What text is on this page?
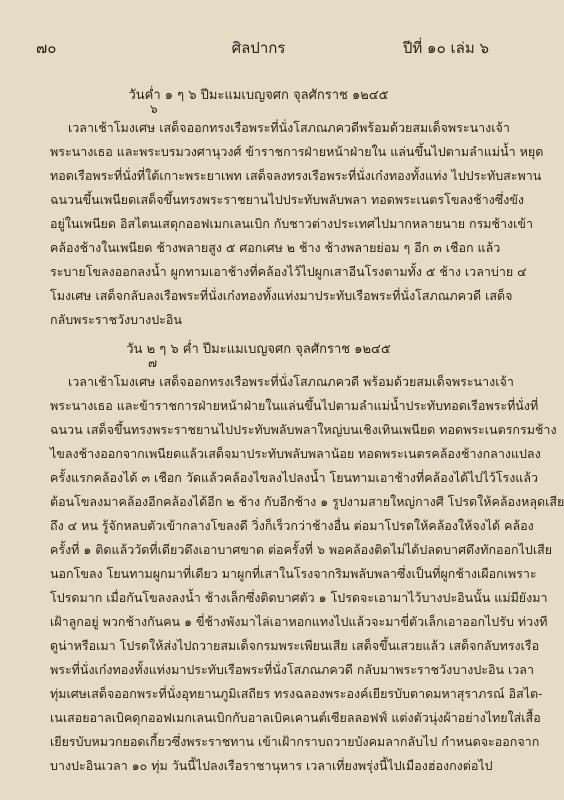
๗๐	ศิลปากร	ปีที่ ๑๐ เล่ม ๖
วันค่ำ ๑ ๆ ๖ ปีมะแมเบญจศก จุลศักราช ๑๒๔๕
๖
เวลาเช้าโมงเศษ เสด็จออกทรงเรือพระที่นั่งโสภณภควดีพร้อมด้วยสมเด็จพระนางเจ้า
พระนางเธอ และพระบรมวงศานุวงศ์ ข้าราชการฝ่ายหน้าฝ่ายใน แล่นขึ้นไปตามลำแม่น้ำ หยุด
ทอดเรือพระที่นั่งที่ใต้เกาะพระยาเพท เสด็จลงทรงเรือพระที่นั่งเก๋งทองทั้งแท่ง ไปประทับสะพาน
ฉนวนขึ้นเพนียดเสด็จขึ้นทรงพระราชยานไปประทับพลับพลา ทอดพระเนตรโขลงช้างซึ่งขัง
อยู่ในเพนียด อิสไตนเสดุกออฟเมกเลนเบิก กับชาวต่างประเทศไปมากหลายนาย กรมช้างเข้า
คล้องช้างในเพนียด ช้างพลายสูง ๕ ศอกเศษ ๒ ช้าง ช้างพลายย่อม ๆ อีก ๓ เชือก แล้ว
ระบายโขลงออกลงน้ำ ผูกทามเอาช้างที่คล้องไว้ไปผูกเสาอีนโรงตามทั้ง ๕ ช้าง เวลาบ่าย ๔
โมงเศษ เสด็จกลับลงเรือพระที่นั่งเก๋งทองทั้งแท่งมาประทับเรือพระที่นั่งโสภณภควดี เสด็จ
กลับพระราชวังบางปะอิน
วัน ๒ ๆ ๖ ค่ำ ปีมะแมเบญจศก จุลศักราช ๑๒๔๕
๗
เวลาเช้าโมงเศษ เสด็จออกทรงเรือพระที่นั่งโสภณภควดี พร้อมด้วยสมเด็จพระนางเจ้า
พระนางเธอ และข้าราชการฝ่ายหน้าฝ่ายในแล่นขึ้นไปตามลำแม่น้ำประทับทอดเรือพระที่นั่งที่
ฉนวน เสด็จขึ้นทรงพระราชยานไปประทับพลับพลาใหญ่บนเชิงเทินเพนียด ทอดพระเนตรกรมช้าง
ไขลงช้างออกจากเพนียดแล้วเสด็จมาประทับพลับพลาน้อย ทอดพระเนตรคล้องช้างกลางแปลง
ครั้งแรกคล้องได้ ๓ เชือก วัดแล้วคล้องไขลงไปลงน้ำ โยนทามเอาช้างที่คล้องได้ไปไว้โรงแล้ว
ต้อนโขลงมาคล้องอีกคล้องได้อีก ๒ ช้าง กับอีกช้าง ๑ รูปงามสายใหญ่กางศี โปรดให้คล้องหลุดเสีย
ถึง ๔ หน รู้จักหลบตัวเข้ากลางโขลงดี วิ่งก็เร็วกว่าช้างอื่น ต่อมาโปรดให้คล้องให้จงได้ คล้อง
ครั้งที่ ๑ ติดแล้ววัดที่เดียวดึงเอาบาศขาด ต่อครั้งที่ ๖ พอคล้องติดไม่ได้ปลดบาศดึงทักออกไปเสีย
นอกโขลง โยนทามผูกมาที่เดียว มาผูกที่เสาในโรงจากริมพลับพลาซึ่งเป็นที่ผูกช้างเผือกเพราะ
โปรดมาก เมื่อกันโขลงลงน้ำ ช้างเล็กซึ่งติดบาศตัว ๑ โปรดจะเอามาไว้บางปะอินนั้น แม่มียังมา
เฝ้าลูกอยู่ พวกช้างกันคน ๑ ขี่ช้างพังมาไล่เอาหอกแทงไปแล้วจะมาขี่ตัวเล็กเอาออกไปรับ ท่วงที
ดูน่าหรือเมา โปรดให้ส่งไปถวายสมเด็จกรมพระเพียนเสีย เสด็จขึ้นเสวยแล้ว เสด็จกลับทรงเรือ
พระที่นั่งเก๋งทองทั้งแท่งมาประทับเรือพระที่นั่งโสภณภควดี กลับมาพระราชวังบางปะอิน เวลา
ทุ่มเศษเสด็จออกพระที่นั่งอุทยานภูมิเสถียร ทรงฉลองพระองค์เยียรบับตาดมหาสุราภรณ์ อิสไต-
เนเสอยอาลเบิคดุกออฟเมกเลนเบิกกับอาลเบิคเคานต์เซียลลอฟฟ์ แต่งตัวนุ่งผ้าอย่างไทยใส่เสื้อ
เยียรบับหมวกยอดเกี้ยวซึ่งพระราชทาน เข้าเฝ้ากราบถวายบังคมลากลับไป กำหนดจะออกจาก
บางปะอินเวลา ๑๐ ทุ่ม วันนี้ไปลงเรือราชานุหาร เวลาเที่ยงพรุ่งนี้ไปเมืองฮ่องกงต่อไป
